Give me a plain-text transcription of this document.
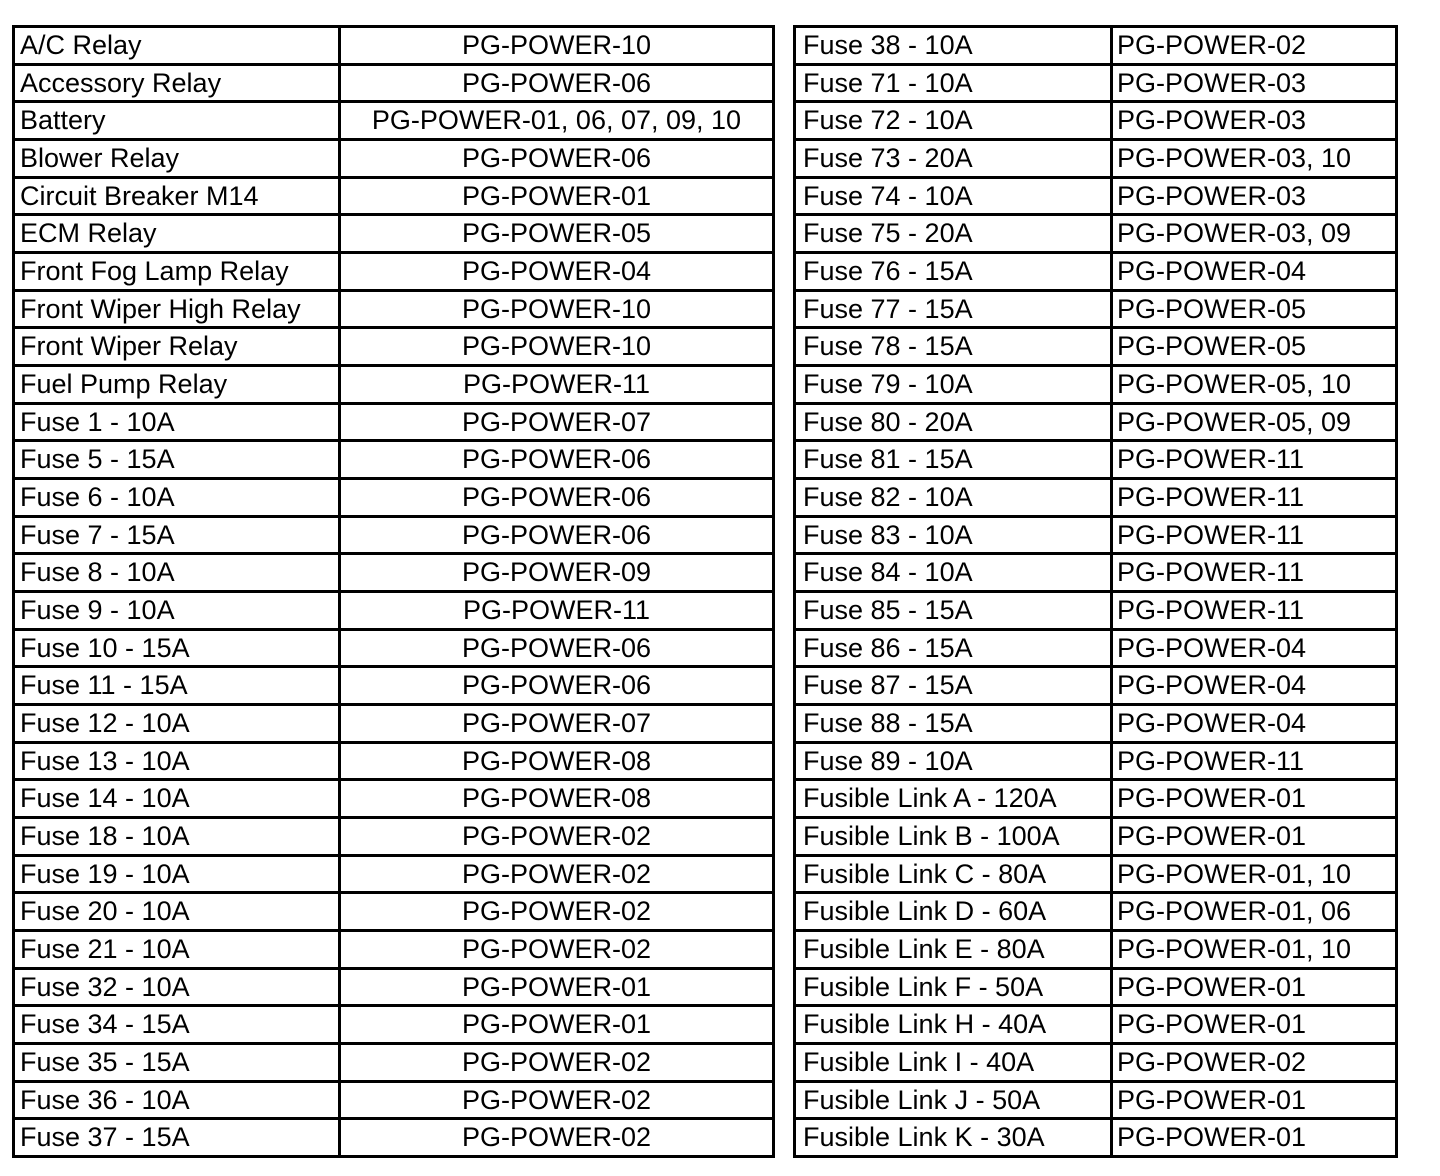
A/C Relay	PG-POWER-10
Accessory Relay	PG-POWER-06
Battery	PG-POWER-01, 06, 07, 09, 10
Blower Relay	PG-POWER-06
Circuit Breaker M14	PG-POWER-01
ECM Relay	PG-POWER-05
Front Fog Lamp Relay	PG-POWER-04
Front Wiper High Relay	PG-POWER-10
Front Wiper Relay	PG-POWER-10
Fuel Pump Relay	PG-POWER-11
Fuse 1 - 10A	PG-POWER-07
Fuse 5 - 15A	PG-POWER-06
Fuse 6 - 10A	PG-POWER-06
Fuse 7 - 15A	PG-POWER-06
Fuse 8 - 10A	PG-POWER-09
Fuse 9 - 10A	PG-POWER-11
Fuse 10 - 15A	PG-POWER-06
Fuse 11 - 15A	PG-POWER-06
Fuse 12 - 10A	PG-POWER-07
Fuse 13 - 10A	PG-POWER-08
Fuse 14 - 10A	PG-POWER-08
Fuse 18 - 10A	PG-POWER-02
Fuse 19 - 10A	PG-POWER-02
Fuse 20 - 10A	PG-POWER-02
Fuse 21 - 10A	PG-POWER-02
Fuse 32 - 10A	PG-POWER-01
Fuse 34 - 15A	PG-POWER-01
Fuse 35 - 15A	PG-POWER-02
Fuse 36 - 10A	PG-POWER-02
Fuse 37 - 15A	PG-POWER-02
Fuse 38 - 10A	PG-POWER-02
Fuse 71 - 10A	PG-POWER-03
Fuse 72 - 10A	PG-POWER-03
Fuse 73 - 20A	PG-POWER-03, 10
Fuse 74 - 10A	PG-POWER-03
Fuse 75 - 20A	PG-POWER-03, 09
Fuse 76 - 15A	PG-POWER-04
Fuse 77 - 15A	PG-POWER-05
Fuse 78 - 15A	PG-POWER-05
Fuse 79 - 10A	PG-POWER-05, 10
Fuse 80 - 20A	PG-POWER-05, 09
Fuse 81 - 15A	PG-POWER-11
Fuse 82 - 10A	PG-POWER-11
Fuse 83 - 10A	PG-POWER-11
Fuse 84 - 10A	PG-POWER-11
Fuse 85 - 15A	PG-POWER-11
Fuse 86 - 15A	PG-POWER-04
Fuse 87 - 15A	PG-POWER-04
Fuse 88 - 15A	PG-POWER-04
Fuse 89 - 10A	PG-POWER-11
Fusible Link A - 120A	PG-POWER-01
Fusible Link B - 100A	PG-POWER-01
Fusible Link C - 80A	PG-POWER-01, 10
Fusible Link D - 60A	PG-POWER-01, 06
Fusible Link E - 80A	PG-POWER-01, 10
Fusible Link F - 50A	PG-POWER-01
Fusible Link H - 40A	PG-POWER-01
Fusible Link I - 40A	PG-POWER-02
Fusible Link J - 50A	PG-POWER-01
Fusible Link K - 30A	PG-POWER-01
